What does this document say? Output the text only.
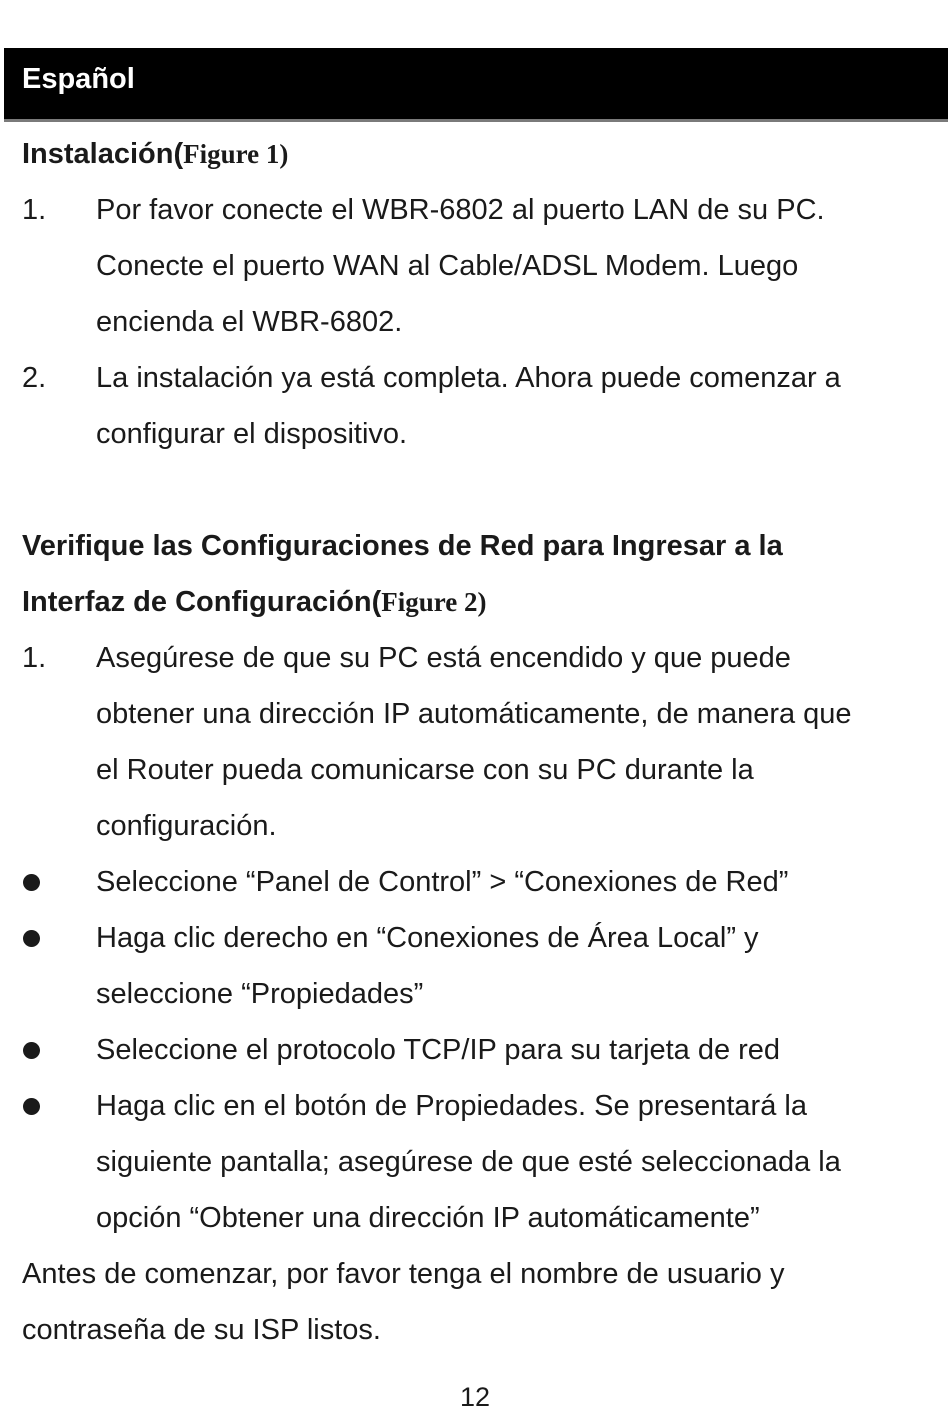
Español
Instalación(Figure 1)
1. Por favor conecte el WBR-6802 al puerto LAN de su PC.
Conecte el puerto WAN al Cable/ADSL Modem. Luego
encienda el WBR-6802.
2. La instalación ya está completa. Ahora puede comenzar a
configurar el dispositivo.
Verifique las Configuraciones de Red para Ingresar a la
Interfaz de Configuración(Figure 2)
1. Asegúrese de que su PC está encendido y que puede
obtener una dirección IP automáticamente, de manera que
el Router pueda comunicarse con su PC durante la
configuración.
Seleccione “Panel de Control” > “Conexiones de Red”
Haga clic derecho en “Conexiones de Área Local” y
seleccione “Propiedades”
Seleccione el protocolo TCP/IP para su tarjeta de red
Haga clic en el botón de Propiedades. Se presentará la
siguiente pantalla; asegúrese de que esté seleccionada la
opción “Obtener una dirección IP automáticamente”
Antes de comenzar, por favor tenga el nombre de usuario y
contraseña de su ISP listos.
12
